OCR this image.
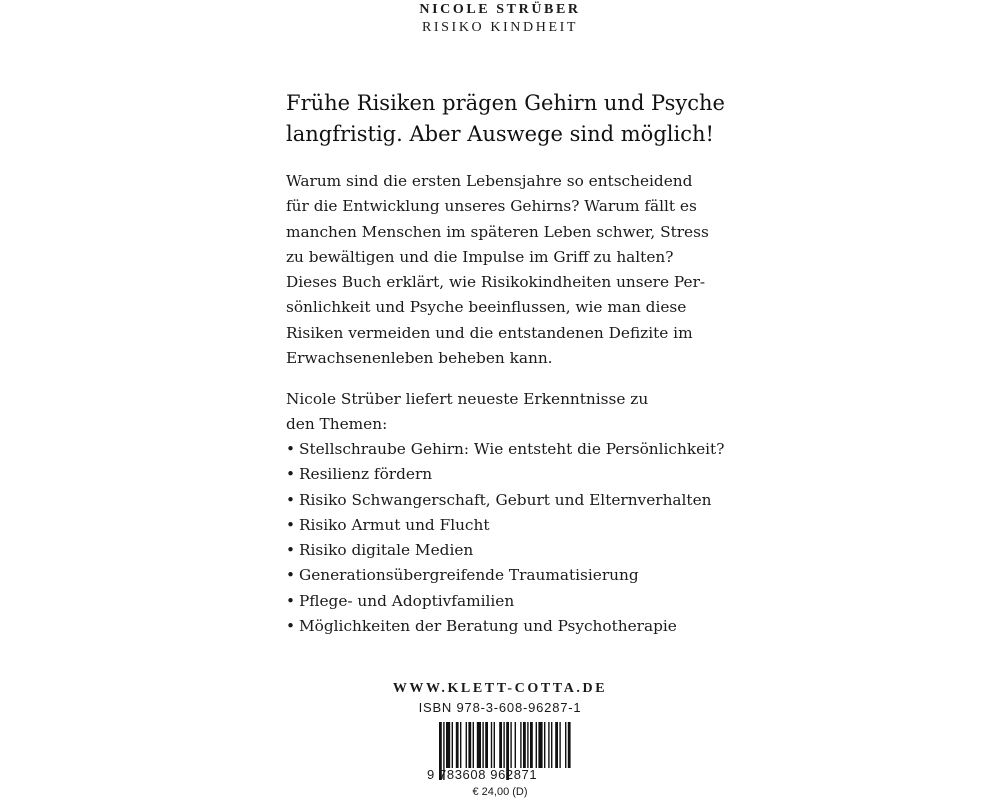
NICOLE STRÜBER
RISIKO KINDHEIT
Frühe Risiken prägen Gehirn und Psyche
langfristig. Aber Auswege sind möglich!
Warum sind die ersten Lebensjahre so entscheidend
für die Entwicklung unseres Gehirns? Warum fällt es
manchen Menschen im späteren Leben schwer, Stress
zu bewältigen und die Impulse im Griff zu halten?
Dieses Buch erklärt, wie Risikokindheiten unsere Per-
sönlichkeit und Psyche beeinflussen, wie man diese
Risiken vermeiden und die entstandenen Defizite im
Erwachsenenleben beheben kann.
Nicole Strüber liefert neueste Erkenntnisse zu
den Themen:
• Stellschraube Gehirn: Wie entsteht die Persönlichkeit?
• Resilienz fördern
• Risiko Schwangerschaft, Geburt und Elternverhalten
• Risiko Armut und Flucht
• Risiko digitale Medien
• Generationsübergreifende Traumatisierung
• Pflege- und Adoptivfamilien
• Möglichkeiten der Beratung und Psychotherapie
WWW.KLETT-COTTA.DE
ISBN 978-3-608-96287-1
9 783608 962871
€ 24,00 (D)
